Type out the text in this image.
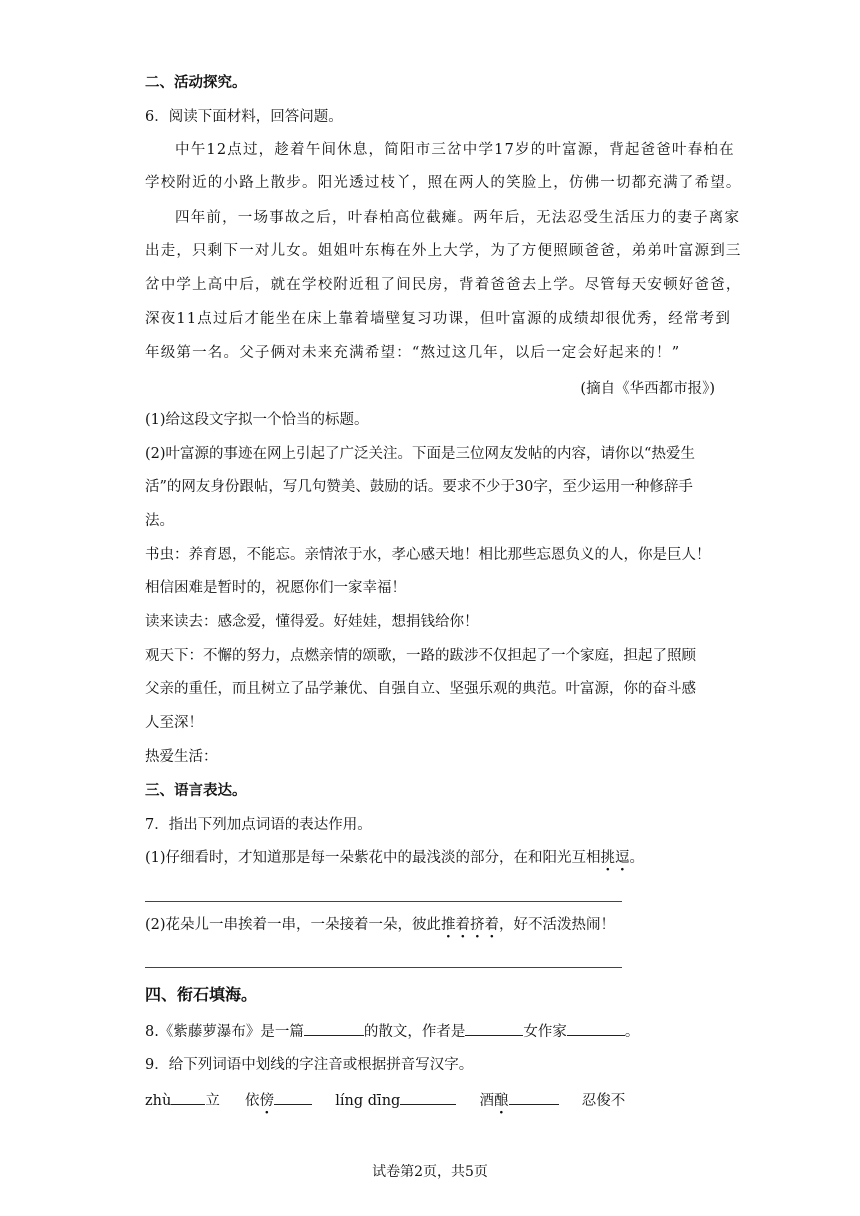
二、活动探究。
6．阅读下面材料，回答问题。
中午12点过，趁着午间休息，简阳市三岔中学17岁的叶富源，背起爸爸叶春柏在
学校附近的小路上散步。阳光透过枝丫，照在两人的笑脸上，仿佛一切都充满了希望。
四年前，一场事故之后，叶春柏高位截瘫。两年后，无法忍受生活压力的妻子离家
出走，只剩下一对儿女。姐姐叶东梅在外上大学，为了方便照顾爸爸，弟弟叶富源到三
岔中学上高中后，就在学校附近租了间民房，背着爸爸去上学。尽管每天安顿好爸爸，
深夜11点过后才能坐在床上靠着墙壁复习功课，但叶富源的成绩却很优秀，经常考到
年级第一名。父子俩对未来充满希望：“熬过这几年，以后一定会好起来的！”
(摘自《华西都市报》)
(1)给这段文字拟一个恰当的标题。
(2)叶富源的事迹在网上引起了广泛关注。下面是三位网友发帖的内容，请你以“热爱生
活”的网友身份跟帖，写几句赞美、鼓励的话。要求不少于30字，至少运用一种修辞手
法。
书虫：养育恩，不能忘。亲情浓于水，孝心感天地！相比那些忘恩负义的人，你是巨人！
相信困难是暂时的，祝愿你们一家幸福！
读来读去：感念爱，懂得爱。好娃娃，想捐钱给你！
观天下：不懈的努力，点燃亲情的颂歌，一路的跋涉不仅担起了一个家庭，担起了照顾
父亲的重任，而且树立了品学兼优、自强自立、坚强乐观的典范。叶富源，你的奋斗感
人至深！
热爱生活：
三、语言表达。
7．指出下列加点词语的表达作用。
(1)仔细看时，才知道那是每一朵紫花中的最浅淡的部分，在和阳光互相挑逗。
(2)花朵儿一串挨着一串，一朵接着一朵，彼此推着挤着，好不活泼热闹！
四、衔石填海。
8.《紫藤萝瀑布》是一篇	的散文，作者是	女作家	。
9．给下列词语中划线的字注音或根据拼音写汉字。
zhù 立 依傍	líng dīng	酒酿	忍俊不
试卷第2页，共5页
